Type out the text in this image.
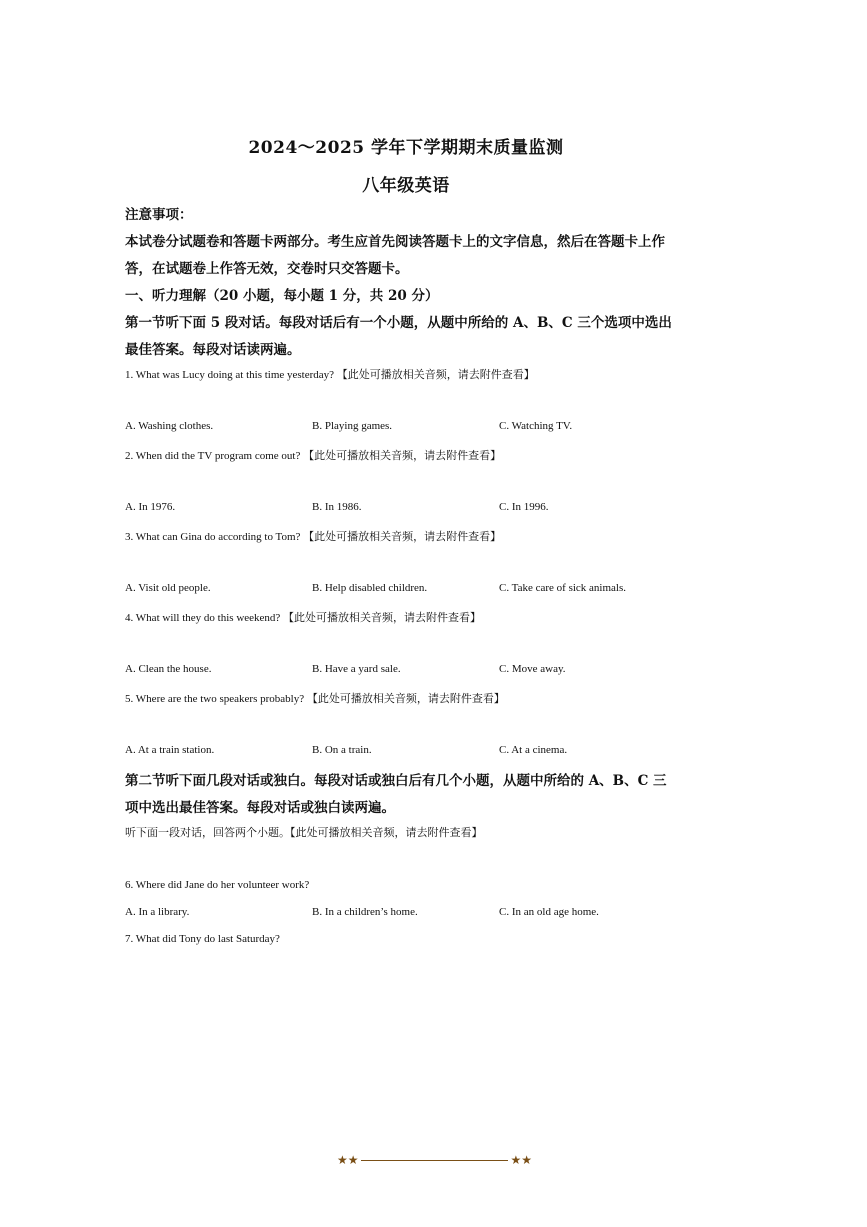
2024～2025 学年下学期期末质量监测
八年级英语
注意事项：
本试卷分试题卷和答题卡两部分。考生应首先阅读答题卡上的文字信息，然后在答题卡上作
答，在试题卷上作答无效，交卷时只交答题卡。
一、听力理解（20 小题，每小题 1 分，共 20 分）
第一节听下面 5 段对话。每段对话后有一个小题，从题中所给的 A、B、C 三个选项中选出
最佳答案。每段对话读两遍。
1. What was Lucy doing at this time yesterday? 【此处可播放相关音频，请去附件查看】
A. Washing clothes.	B. Playing games.	C. Watching TV.
2. When did the TV program come out? 【此处可播放相关音频，请去附件查看】
A. In 1976.	B. In 1986.	C. In 1996.
3. What can Gina do according to Tom? 【此处可播放相关音频，请去附件查看】
A. Visit old people.	B. Help disabled children.	C. Take care of sick animals.
4. What will they do this weekend? 【此处可播放相关音频，请去附件查看】
A. Clean the house.	B. Have a yard sale.	C. Move away.
5. Where are the two speakers probably? 【此处可播放相关音频，请去附件查看】
A. At a train station.	B. On a train.	C. At a cinema.
第二节听下面几段对话或独白。每段对话或独白后有几个小题，从题中所给的 A、B、C 三
项中选出最佳答案。每段对话或独白读两遍。
听下面一段对话，回答两个小题。【此处可播放相关音频，请去附件查看】
6. Where did Jane do her volunteer work?
A. In a library.	B. In a children’s home.	C. In an old age home.
7. What did Tony do last Saturday?
★★	★★
